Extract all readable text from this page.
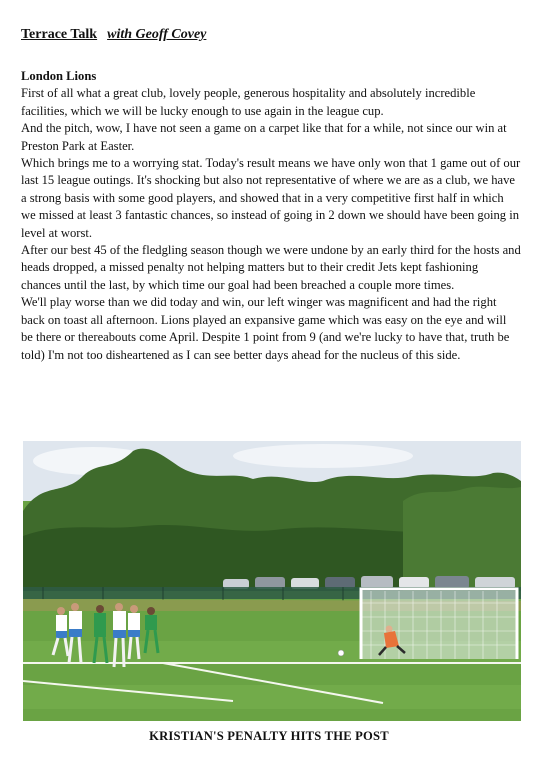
Terrace Talk with Geoff Covey

London Lions

First of all what a great club, lovely people, generous hospitality and absolutely incredible facilities, which we will be lucky enough to use again in the league cup.

And the pitch, wow, I have not seen a game on a carpet like that for a while, not since our win at Preston Park at Easter.

Which brings me to a worrying stat. Today's result means we have only won that 1 game out of our last 15 league outings. It's shocking but also not representative of where we are as a club, we have a strong basis with some good players, and showed that in a very competitive first half in which we missed at least 3 fantastic chances, so instead of going in 2 down we should have been going in level at worst.

After our best 45 of the fledgling season though we were undone by an early third for the hosts and heads dropped, a missed penalty not helping matters but to their credit Jets kept fashioning chances until the last, by which time our goal had been breached a couple more times.

We'll play worse than we did today and win, our left winger was magnificent and had the right back on toast all afternoon. Lions played an expansive game which was easy on the eye and will be there or thereabouts come April. Despite 1 point from 9 (and we're lucky to have that, truth be told) I'm not too disheartened as I can see better days ahead for the nucleus of this side.

KRISTIAN'S PENALTY HITS THE POST
